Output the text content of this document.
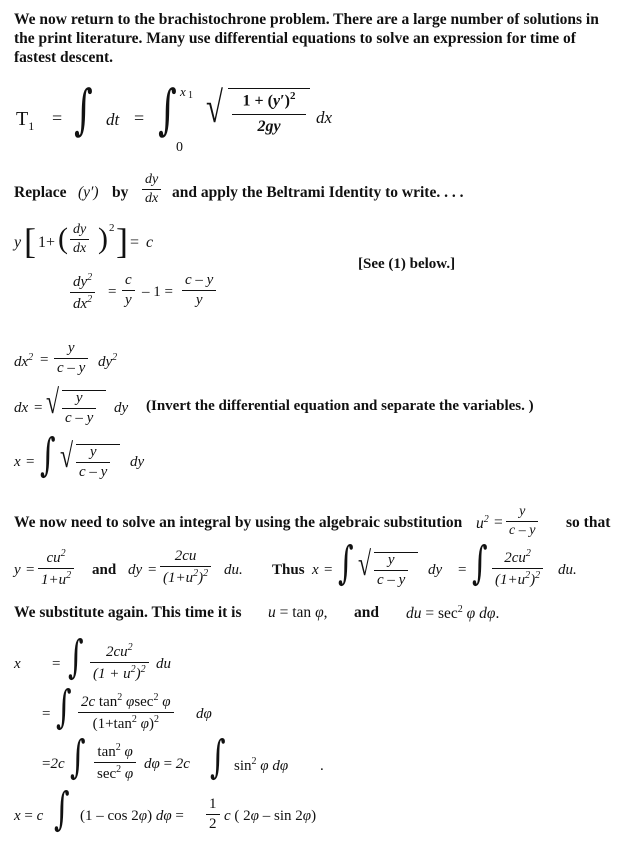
We now return to the brachistochrone problem. There are a large number of solutions in the print literature. Many use differential equations to solve an expression for time of fastest descent.
$T_1$ = ∫ dt = ∫ x 1
0
√	$1 + (y')^2$
2gy	dx
Replace (y′) by $\frac{dy}{dx}$ and apply the Beltrami Identity to write. . . .
y [ 1+ ( $\frac{dy}{dx}$ ) 2 ] = c
[See (1) below.]
$\frac{dy^2}{dx^2} = \frac{c}{y} - 1 = \frac{c - y}{y}$
$dx^2 = \frac{y}{c - y} dy^2$
dx = √ $\frac{y}{c - y}$ dy (Invert the differential equation and separate the variables. )
x = ∫ √ $\frac{y}{c - y}$ dy
We now need to solve an integral by using the algebraic substitution $u^2 = \frac{y}{c - y}$ so that
$y = \frac{cu^2}{1+u^2}$ and dy = $\frac{2cu}{(1+u^2)^2}$ du. Thus x = ∫ √ $\frac{y}{c - y}$ dy = ∫ $\frac{2cu^2}{(1+u^2)^2}$ du.
We substitute again. This time it is u = tan φ, and du = $\sec^2 \varphi$ dφ.
x = ∫ $\frac{2cu^2}{(1 + u^2)^2}$ du
= ∫ 2c $\tan^2 \varphi\sec^2$ φ
($1+\tan^2$ φ)$^2$	dφ
=2c ∫ $\tan^2 \varphi$
$\sec^2 \varphi$
dφ = 2c ∫ $\sin^2 \varphi$ dφ .
x = c ∫ (1 – cos 2φ) $d\varphi = \frac{1}{2}$ c ( 2φ – sin 2φ)
